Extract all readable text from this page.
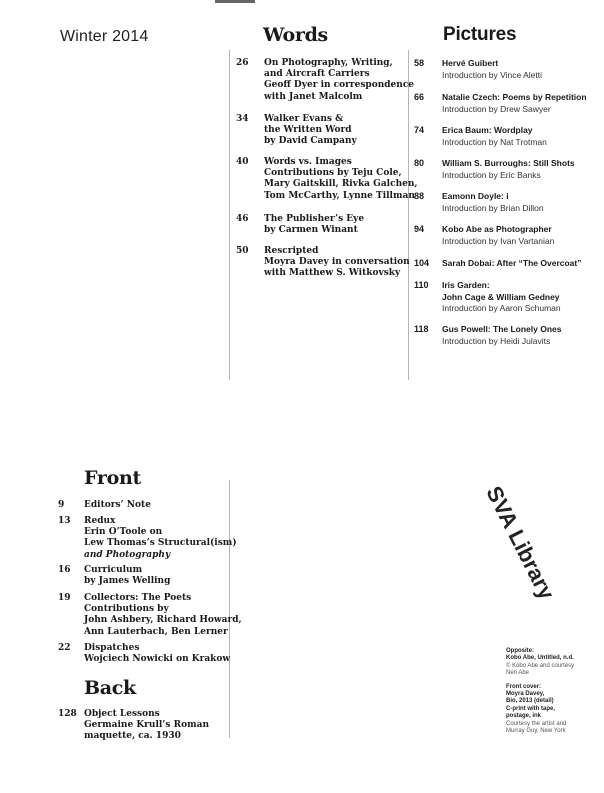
Winter 2014	Words
26	On Photography, Writing,
and Aircraft Carriers
Geoff Dyer in correspondence
with Janet Malcolm
34	Walker Evans &
the Written Word
by David Campany
40	Words vs. Images
Contributions by Teju Cole,
Mary Gaitskill, Rivka Galchen,
Tom McCarthy, Lynne Tillman
46	The Publisher’s Eye
by Carmen Winant
50	Rescripted
Moyra Davey in conversation
with Matthew S. Witkovsky
Pictures
58	Hervé Guibert
Introduction by Vince Aletti
66	Natalie Czech: Poems by Repetition
Introduction by Drew Sawyer
74	Erica Baum: Wordplay
Introduction by Nat Trotman
80	William S. Burroughs: Still Shots
Introduction by Eric Banks
88	Eamonn Doyle: i
Introduction by Brian Dillon
94	Kobo Abe as Photographer
Introduction by Ivan Vartanian
104	Sarah Dobai: After “The Overcoat”
110	Iris Garden:
John Cage & William Gedney
Introduction by Aaron Schuman
118	Gus Powell: The Lonely Ones
Introduction by Heidi Julavits
Front
9	Editors’ Note
13	Redux
Erin O’Toole on
Lew Thomas’s Structural(ism)
and Photography
16	Curriculum
by James Welling
19	Collectors: The Poets
Contributions by
John Ashbery, Richard Howard,
Ann Lauterbach, Ben Lerner
22	Dispatches
Wojciech Nowicki on Krakow
Back
128 Object Lessons
Germaine Krull’s Roman
maquette, ca. 1930
SVA Library
Opposite:
Kobo Abe, Untitled, n.d.
© Kobo Abe and courtesy
Neri Abe
Front cover:
Moyra Davey,
Bio, 2013 (detail)
C-print with tape,
postage, ink
Courtesy the artist and
Murray Guy, New York
